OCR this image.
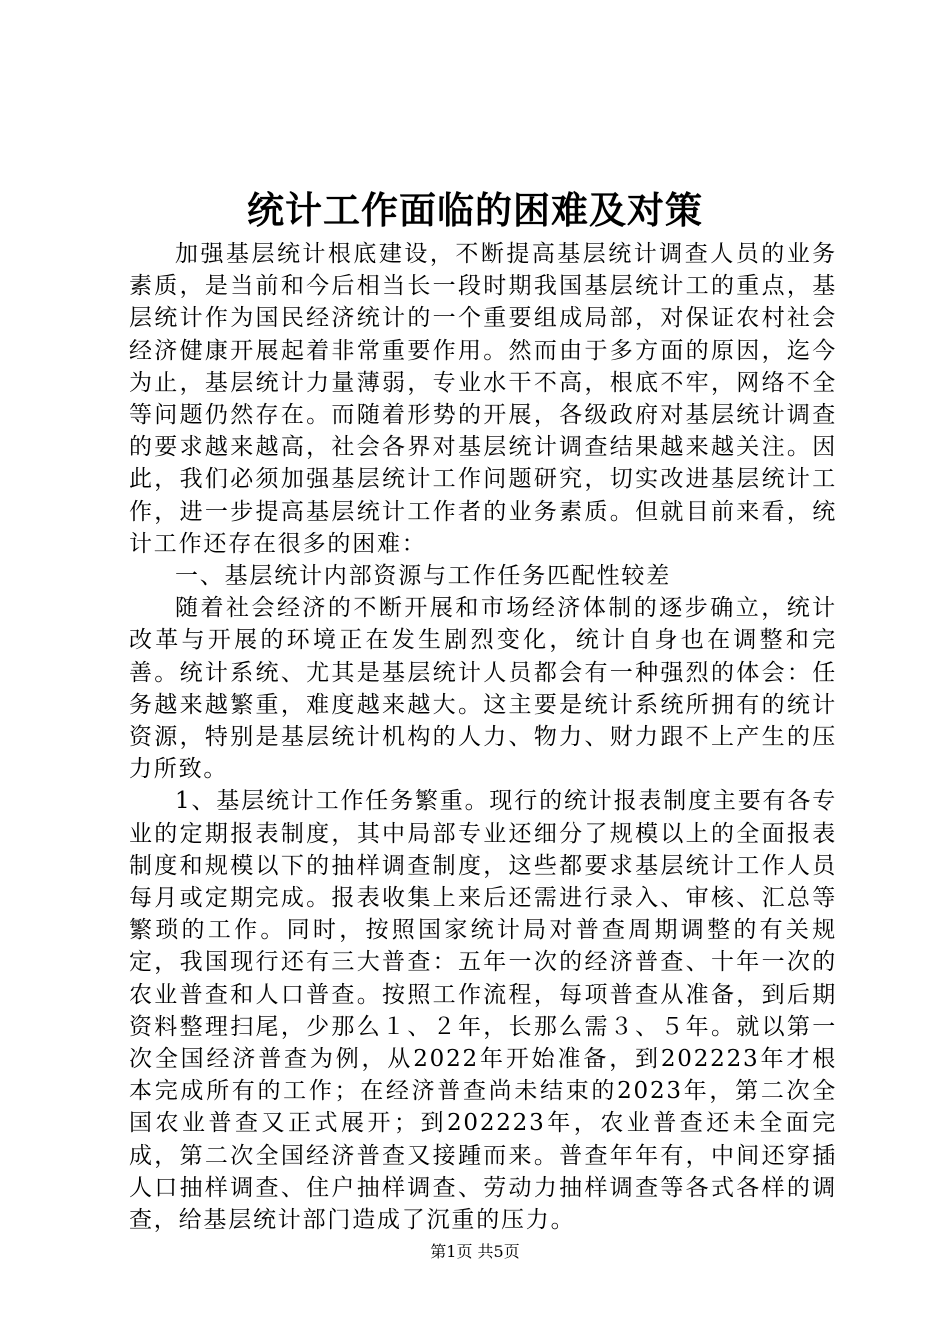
统计工作面临的困难及对策

加强基层统计根底建设，不断提高基层统计调查人员的业务素质，是当前和今后相当长一段时期我国基层统计工的重点，基层统计作为国民经济统计的一个重要组成局部，对保证农村社会经济健康开展起着非常重要作用。然而由于多方面的原因，迄今为止，基层统计力量薄弱，专业水干不高，根底不牢，网络不全等问题仍然存在。而随着形势的开展，各级政府对基层统计调查的要求越来越高，社会各界对基层统计调查结果越来越关注。因此，我们必须加强基层统计工作问题研究，切实改进基层统计工作，进一步提高基层统计工作者的业务素质。但就目前来看，统计工作还存在很多的困难：

一、基层统计内部资源与工作任务匹配性较差

随着社会经济的不断开展和市场经济体制的逐步确立，统计改革与开展的环境正在发生剧烈变化，统计自身也在调整和完善。统计系统、尤其是基层统计人员都会有一种强烈的体会：任务越来越繁重，难度越来越大。这主要是统计系统所拥有的统计资源，特别是基层统计机构的人力、物力、财力跟不上产生的压力所致。

1、基层统计工作任务繁重。现行的统计报表制度主要有各专业的定期报表制度，其中局部专业还细分了规模以上的全面报表制度和规模以下的抽样调查制度，这些都要求基层统计工作人员每月或定期完成。报表收集上来后还需进行录入、审核、汇总等繁琐的工作。同时，按照国家统计局对普查周期调整的有关规定，我国现行还有三大普查：五年一次的经济普查、十年一次的农业普查和人口普查。按照工作流程，每项普查从准备，到后期资料整理扫尾，少那么１、２年，长那么需３、５年。就以第一次全国经济普查为例，从2022年开始准备，到202223年才根本完成所有的工作；在经济普查尚未结束的2023年，第二次全国农业普查又正式展开；到202223年，农业普查还未全面完成，第二次全国经济普查又接踵而来。普查年年有，中间还穿插人口抽样调查、住户抽样调查、劳动力抽样调查等各式各样的调查，给基层统计部门造成了沉重的压力。

第1页 共5页
